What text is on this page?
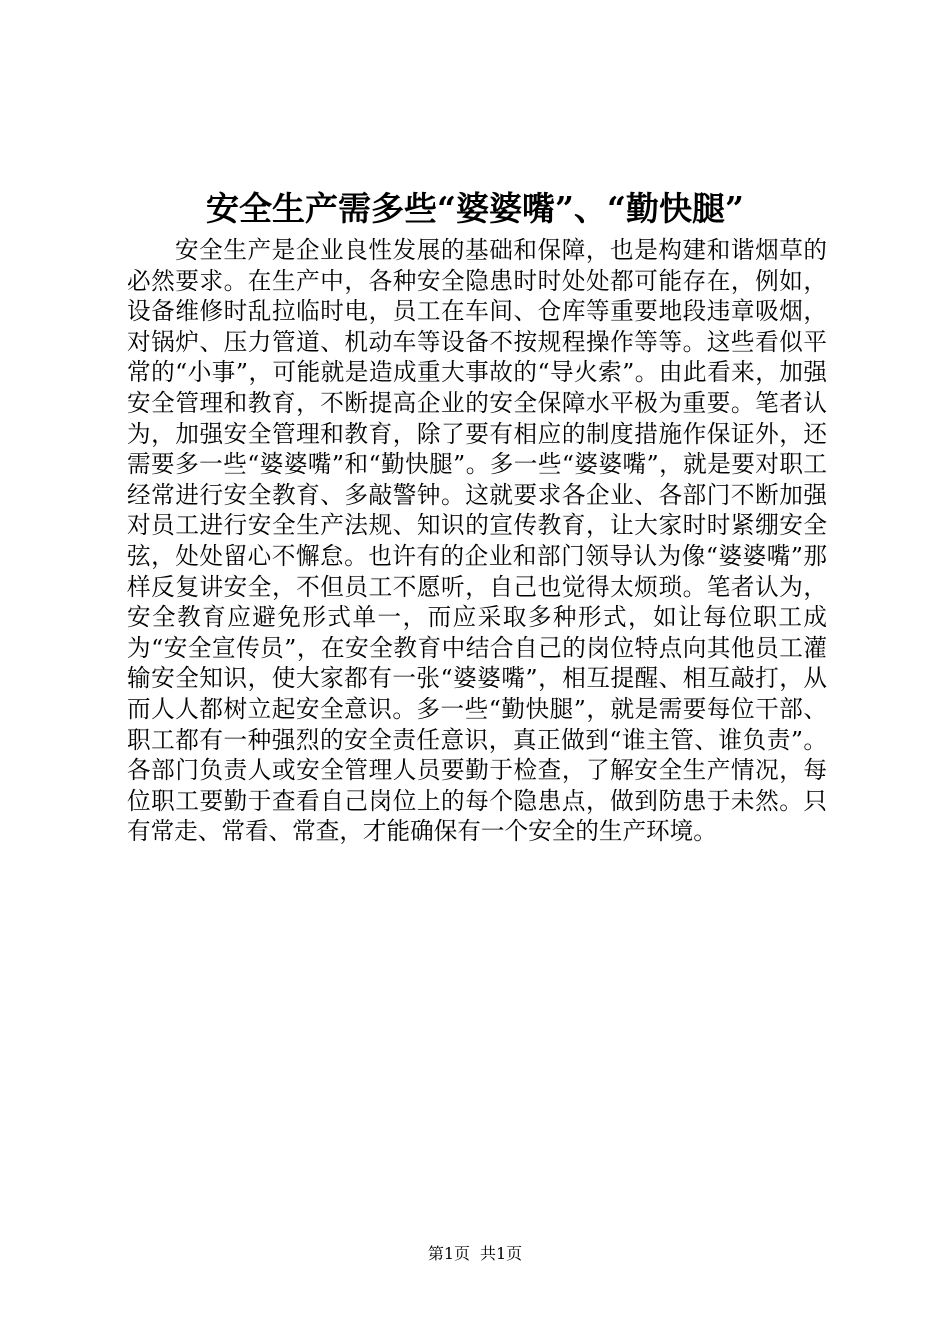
安全生产需多些“婆婆嘴”、“勤快腿”

安全生产是企业良性发展的基础和保障，也是构建和谐烟草的必然要求。在生产中，各种安全隐患时时处处都可能存在，例如，设备维修时乱拉临时电，员工在车间、仓库等重要地段违章吸烟，对锅炉、压力管道、机动车等设备不按规程操作等等。这些看似平常的“小事”，可能就是造成重大事故的“导火索”。由此看来，加强安全管理和教育，不断提高企业的安全保障水平极为重要。笔者认为，加强安全管理和教育，除了要有相应的制度措施作保证外，还需要多一些“婆婆嘴”和“勤快腿”。多一些“婆婆嘴”，就是要对职工经常进行安全教育、多敲警钟。这就要求各企业、各部门不断加强对员工进行安全生产法规、知识的宣传教育，让大家时时紧绷安全弦，处处留心不懈怠。也许有的企业和部门领导认为像“婆婆嘴”那样反复讲安全，不但员工不愿听，自己也觉得太烦琐。笔者认为，安全教育应避免形式单一，而应采取多种形式，如让每位职工成为“安全宣传员”，在安全教育中结合自己的岗位特点向其他员工灌输安全知识，使大家都有一张“婆婆嘴”，相互提醒、相互敲打，从而人人都树立起安全意识。多一些“勤快腿”，就是需要每位干部、职工都有一种强烈的安全责任意识，真正做到“谁主管、谁负责”。各部门负责人或安全管理人员要勤于检查，了解安全生产情况，每位职工要勤于查看自己岗位上的每个隐患点，做到防患于未然。只有常走、常看、常查，才能确保有一个安全的生产环境。

第1页 共1页
